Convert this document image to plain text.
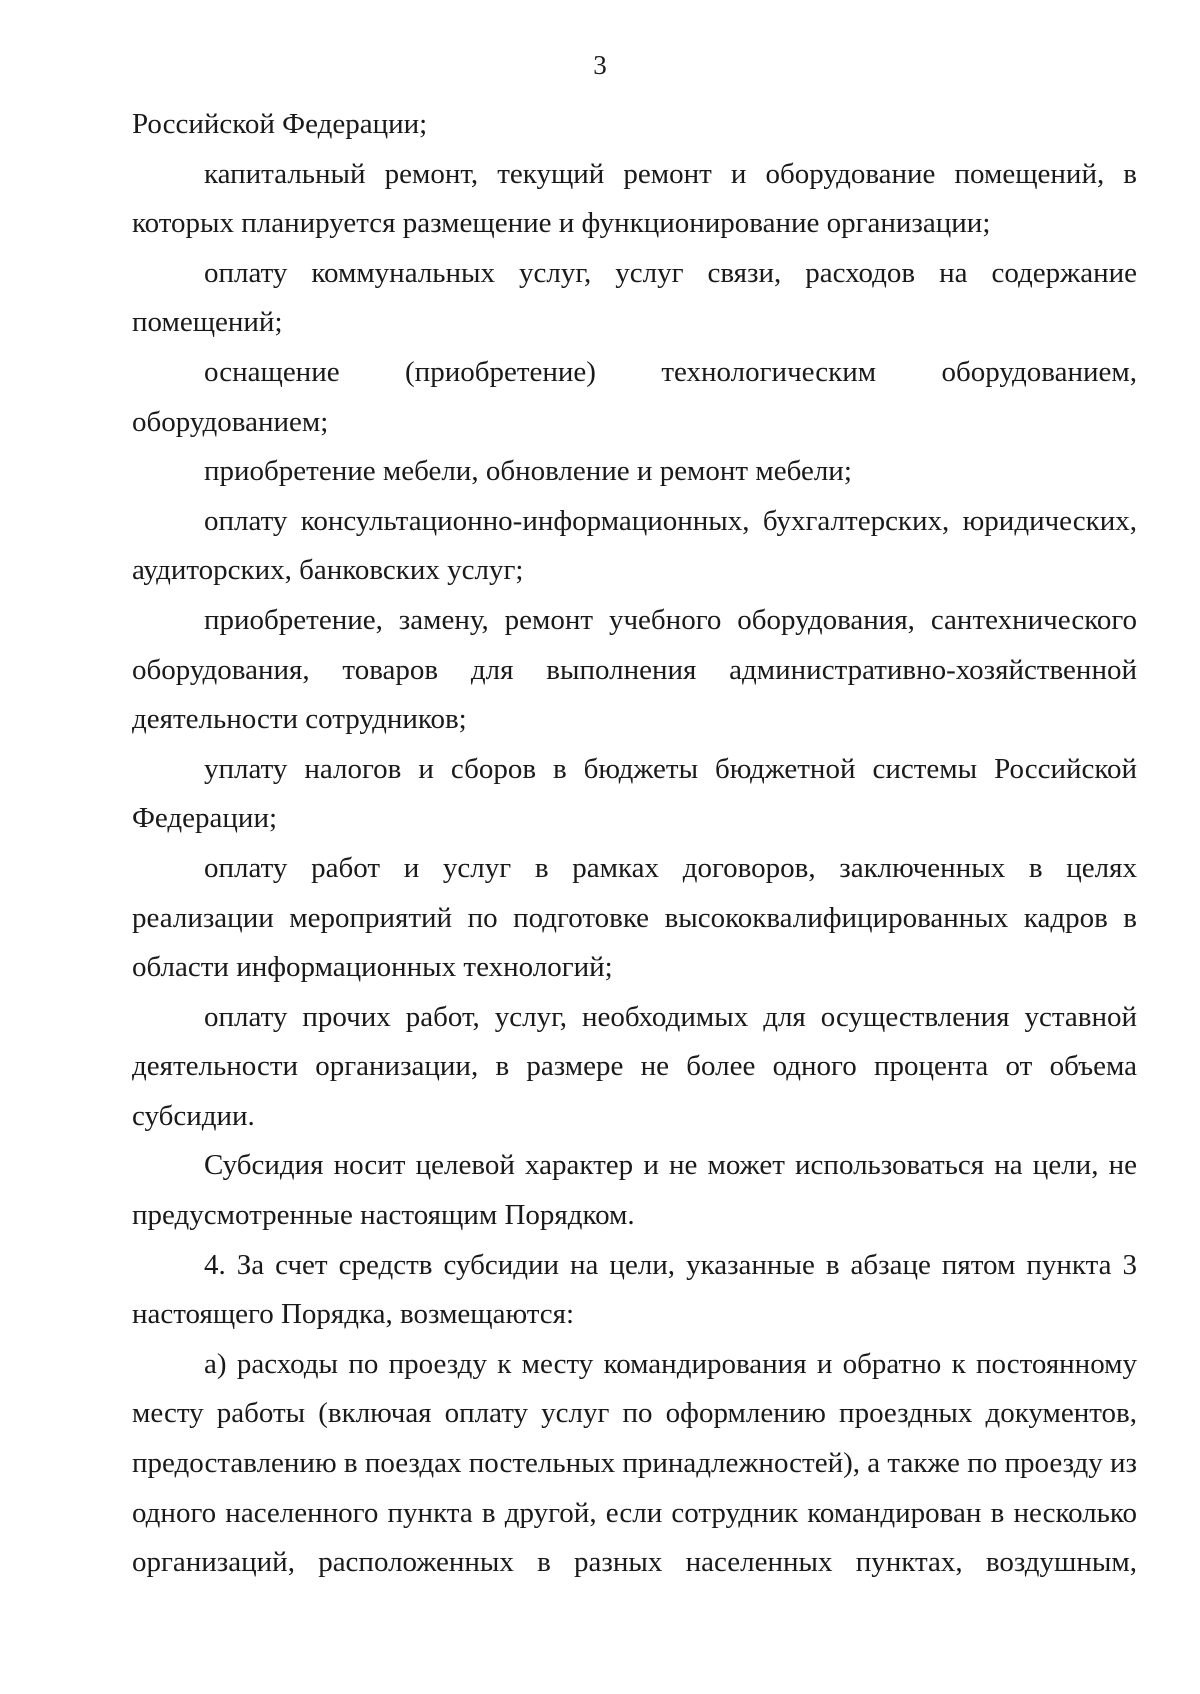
3
Российской Федерации;
капитальный ремонт, текущий ремонт и оборудование помещений, в
которых планируется размещение и функционирование организации;
оплату коммунальных услуг, услуг связи, расходов на содержание
помещений;
оснащение (приобретение) технологическим оборудованием,
оборудованием;
приобретение мебели, обновление и ремонт мебели;
оплату консультационно-информационных, бухгалтерских, юридических,
аудиторских, банковских услуг;
приобретение, замену, ремонт учебного оборудования, сантехнического
оборудования, товаров для выполнения административно-хозяйственной
деятельности сотрудников;
уплату налогов и сборов в бюджеты бюджетной системы Российской
Федерации;
оплату работ и услуг в рамках договоров, заключенных в целях
реализации мероприятий по подготовке высококвалифицированных кадров в
области информационных технологий;
оплату прочих работ, услуг, необходимых для осуществления уставной
деятельности организации, в размере не более одного процента от объема
субсидии.
Субсидия носит целевой характер и не может использоваться на цели, не
предусмотренные настоящим Порядком.
4. За счет средств субсидии на цели, указанные в абзаце пятом пункта 3
настоящего Порядка, возмещаются:
а) расходы по проезду к месту командирования и обратно к постоянному
месту работы (включая оплату услуг по оформлению проездных документов,
предоставлению в поездах постельных принадлежностей), а также по проезду из
одного населенного пункта в другой, если сотрудник командирован в несколько
организаций, расположенных в разных населенных пунктах, воздушным,
